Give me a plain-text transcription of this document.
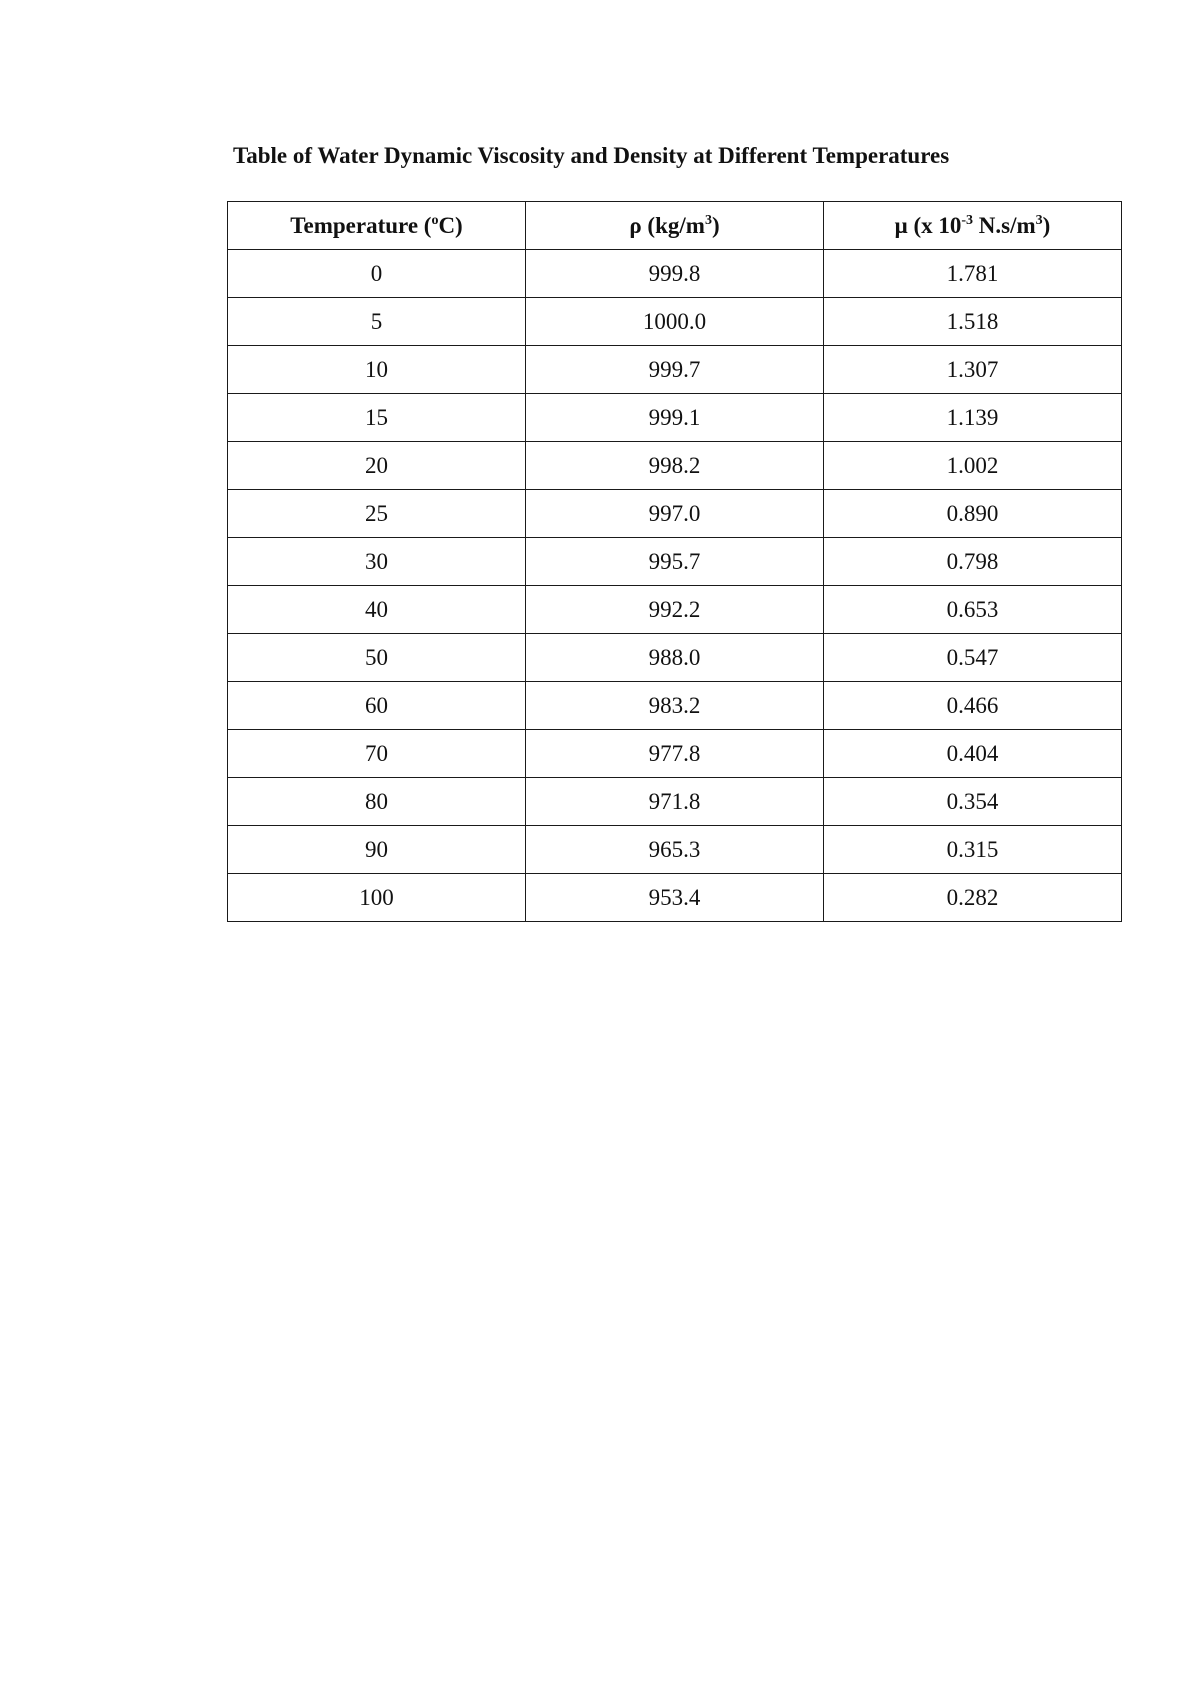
Table of Water Dynamic Viscosity and Density at Different Temperatures
Temperature ($^o$C)	ρ $(kg/m^3)$	μ (x $10^{-3}$ $N.s/m^3$)
0	999.8	1.781
5	1000.0	1.518
10	999.7	1.307
15	999.1	1.139
20	998.2	1.002
25	997.0	0.890
30	995.7	0.798
40	992.2	0.653
50	988.0	0.547
60	983.2	0.466
70	977.8	0.404
80	971.8	0.354
90	965.3	0.315
100	953.4	0.282
